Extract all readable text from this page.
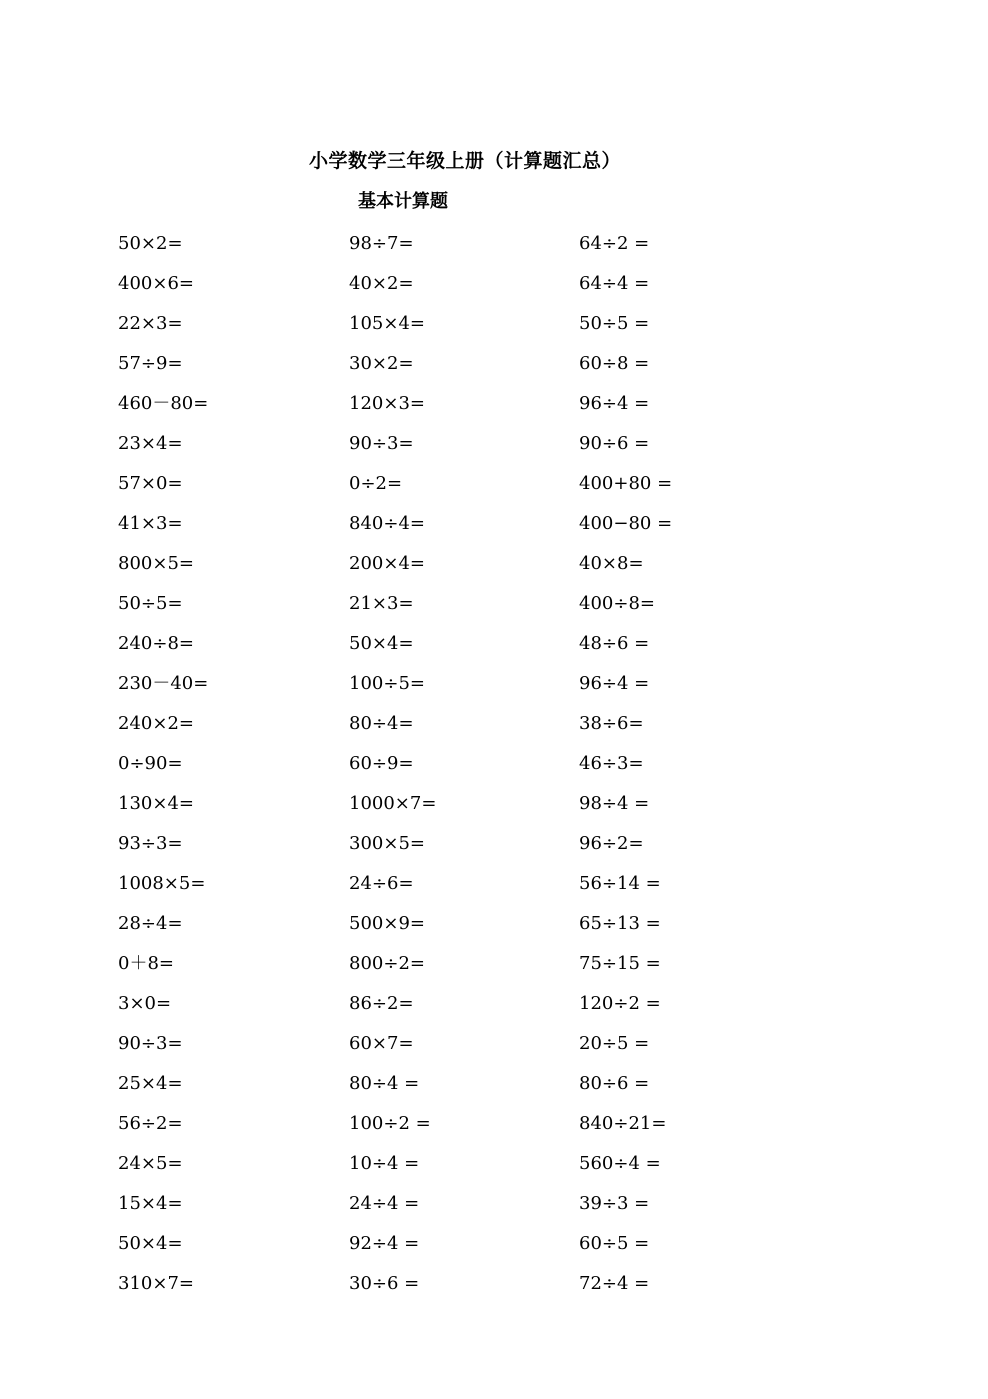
小学数学三年级上册（计算题汇总）
基本计算题
50×2=	98÷7=	64÷2 =
400×6=	40×2=	64÷4 =
22×3=	105×4=	50÷5 =
57÷9=	30×2=	60÷8 =
460－80=	120×3=	96÷4 =
23×4=	90÷3=	90÷6 =
57×0=	0÷2=	400+80 =
41×3=	840÷4=	400−80 =
800×5=	200×4=	40×8=
50÷5=	21×3=	400÷8=
240÷8=	50×4=	48÷6 =
230－40=	100÷5=	96÷4 =
240×2=	80÷4=	38÷6=
0÷90=	60÷9=	46÷3=
130×4=	1000×7=	98÷4 =
93÷3=	300×5=	96÷2=
1008×5=	24÷6=	56÷14 =
28÷4=	500×9=	65÷13 =
0＋8=	800÷2=	75÷15 =
3×0=	86÷2=	120÷2 =
90÷3=	60×7=	20÷5 =
25×4=	80÷4 =	80÷6 =
56÷2=	100÷2 =	840÷21=
24×5=	10÷4 =	560÷4 =
15×4=	24÷4 =	39÷3 =
50×4=	92÷4 =	60÷5 =
310×7=	30÷6 =	72÷4 =
